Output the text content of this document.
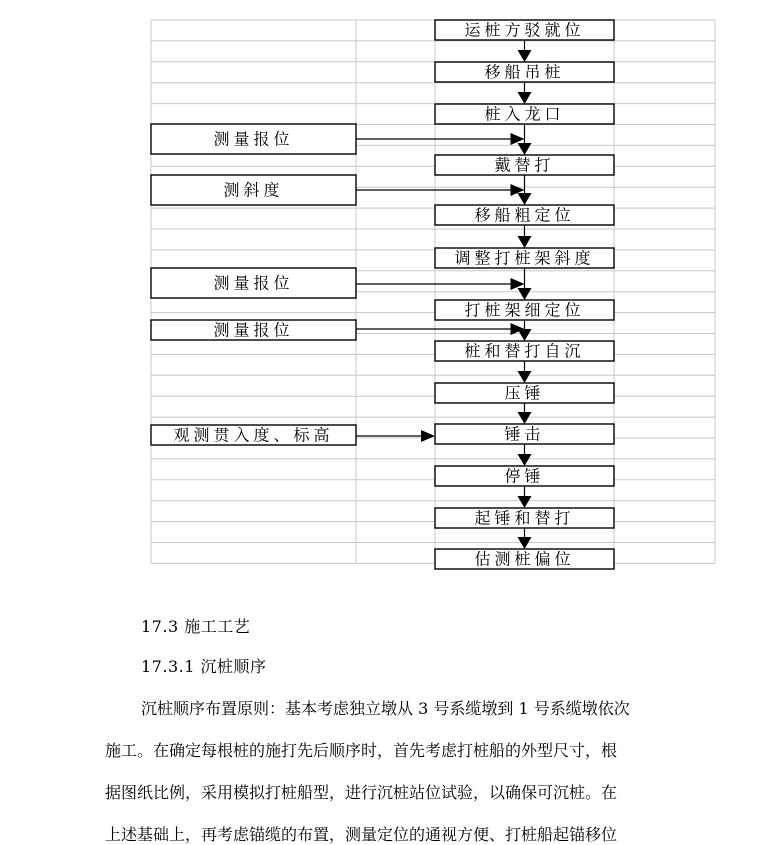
测量报位
测斜度
测量报位
测量报位
观测贯入度、标高
运桩方驳就位
移船吊桩
桩入龙口
戴替打
移船粗定位
调整打桩架斜度
打桩架细定位
桩和替打自沉
压锤
锤击
停锤
起锤和替打
估测桩偏位
17.3 施工工艺
17.3.1 沉桩顺序
沉桩顺序布置原则：基本考虑独立墩从 3 号系缆墩到 1 号系缆墩依次
施工。在确定每根桩的施打先后顺序时，首先考虑打桩船的外型尺寸，根
据图纸比例，采用模拟打桩船型，进行沉桩站位试验，以确保可沉桩。在
上述基础上，再考虑锚缆的布置，测量定位的通视方便、打桩船起锚移位
